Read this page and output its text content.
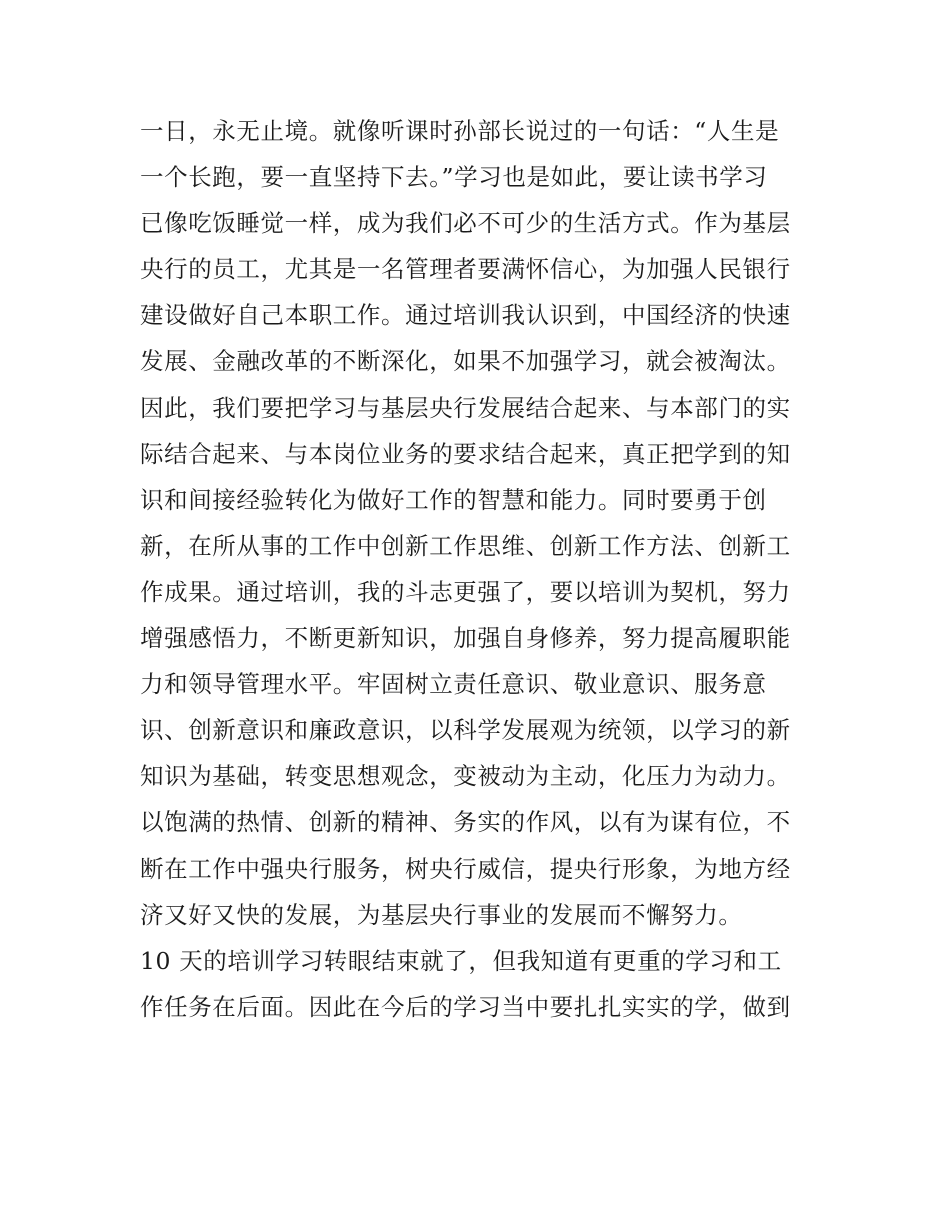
一日，永无止境。就像听课时孙部长说过的一句话：“人生是
一个长跑，要一直坚持下去。”学习也是如此，要让读书学习
已像吃饭睡觉一样，成为我们必不可少的生活方式。作为基层
央行的员工，尤其是一名管理者要满怀信心，为加强人民银行
建设做好自己本职工作。通过培训我认识到，中国经济的快速
发展、金融改革的不断深化，如果不加强学习，就会被淘汰。
因此，我们要把学习与基层央行发展结合起来、与本部门的实
际结合起来、与本岗位业务的要求结合起来，真正把学到的知
识和间接经验转化为做好工作的智慧和能力。同时要勇于创
新，在所从事的工作中创新工作思维、创新工作方法、创新工
作成果。通过培训，我的斗志更强了，要以培训为契机，努力
增强感悟力，不断更新知识，加强自身修养，努力提高履职能
力和领导管理水平。牢固树立责任意识、敬业意识、服务意
识、创新意识和廉政意识，以科学发展观为统领，以学习的新
知识为基础，转变思想观念，变被动为主动，化压力为动力。
以饱满的热情、创新的精神、务实的作风，以有为谋有位，不
断在工作中强央行服务，树央行威信，提央行形象，为地方经
济又好又快的发展，为基层央行事业的发展而不懈努力。
10 天的培训学习转眼结束就了，但我知道有更重的学习和工
作任务在后面。因此在今后的学习当中要扎扎实实的学，做到
